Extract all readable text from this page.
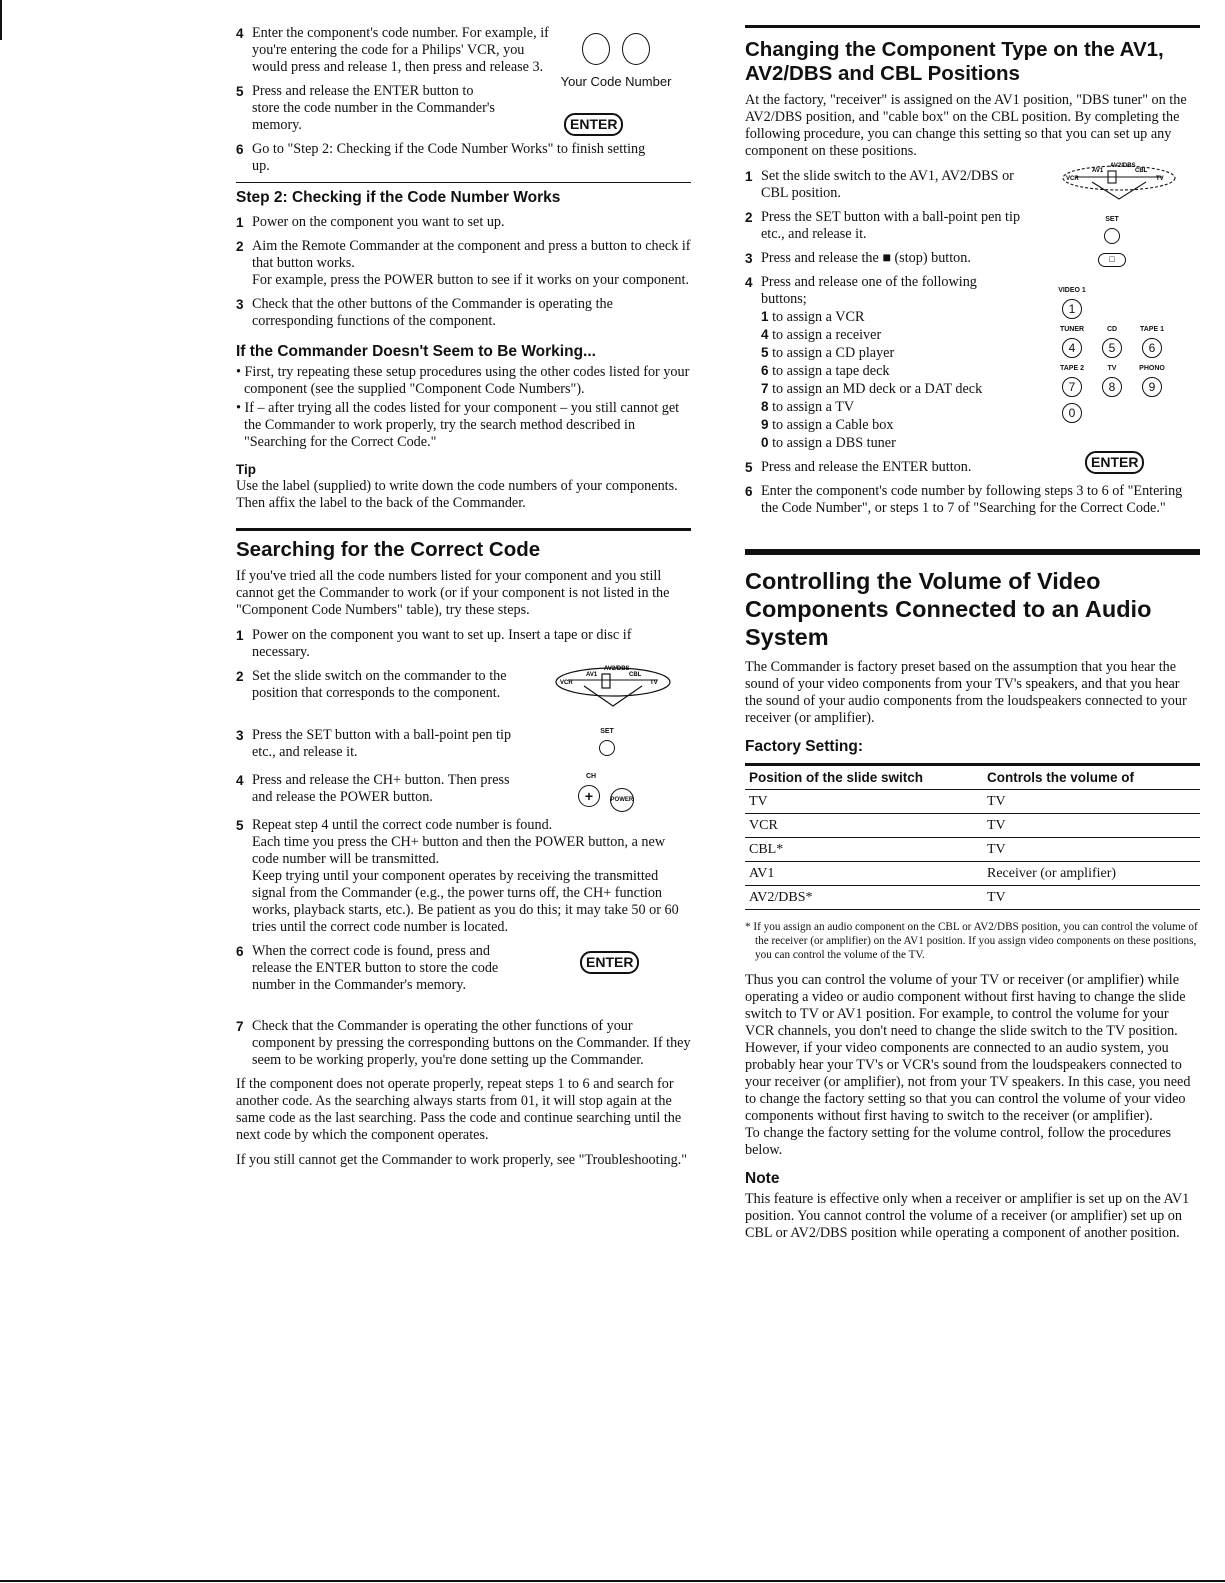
4 Enter the component's code number. For example, if you're entering the code for a Philips' VCR, you would press and release 1, then press and release 3.

Your Code Number
5 Press and release the ENTER button to store the code number in the Commander's memory.	ENTER
6 Go to "Step 2: Checking if the Code Number Works" to finish setting up.
Step 2: Checking if the Code Number Works
1 Power on the component you want to set up.
2 Aim the Remote Commander at the component and press a button to check if that button works.
For example, press the POWER button to see if it works on your component.
3 Check that the other buttons of the Commander is operating the corresponding functions of the component.
If the Commander Doesn't Seem to Be Working...
• First, try repeating these setup procedures using the other codes listed for your component (see the supplied "Component Code Numbers").
• If – after trying all the codes listed for your component – you still cannot get the Commander to work properly, try the search method described in "Searching for the Correct Code."
Tip
Use the label (supplied) to write down the code numbers of your components. Then affix the label to the back of the Commander.
Searching for the Correct Code
If you've tried all the code numbers listed for your component and you still cannot get the Commander to work (or if your component is not listed in the "Component Code Numbers" table), try these steps.
1 Power on the component you want to set up. Insert a tape or disc if necessary.
2 Set the slide switch on the commander to the position that corresponds to the component.
VCR
AV1
AV2/DBS
CBL
TV
3 Press the SET button with a ball-point pen tip etc., and release it.
SET
4 Press and release the CH+ button. Then press and release the POWER button.
CH
+	POWER
5 Repeat step 4 until the correct code number is found.
Each time you press the CH+ button and then the POWER button, a new code number will be transmitted.
Keep trying until your component operates by receiving the transmitted signal from the Commander (e.g., the power turns off, the CH+ function works, playback starts, etc.). Be patient as you do this; it may take 50 or 60 tries until the correct code number is located.
6 When the correct code is found, press and release the ENTER button to store the code number in the Commander's memory.
ENTER
7 Check that the Commander is operating the other functions of your component by pressing the corresponding buttons on the Commander. If they seem to be working properly, you're done setting up the Commander.
If the component does not operate properly, repeat steps 1 to 6 and search for another code. As the searching always starts from 01, it will stop again at the same code as the last searching. Pass the code and continue searching until the next code by which the component operates.
If you still cannot get the Commander to work properly, see "Troubleshooting."
Changing the Component Type on the AV1, AV2/DBS and CBL Positions
At the factory, "receiver" is assigned on the AV1 position, "DBS tuner" on the AV2/DBS position, and "cable box" on the CBL position. By completing the following procedure, you can change this setting so that you can set up any component on these positions.
1 Set the slide switch to the AV1, AV2/DBS or CBL position.
VCR
AV1
AV2/DBS
CBL
TV
2 Press the SET button with a ball-point pen tip etc., and release it.
SET
3 Press and release the ■ (stop) button.	□
4 Press and release one of the following buttons;
1 to assign a VCR
4 to assign a receiver
5 to assign a CD player
6 to assign a tape deck
7 to assign an MD deck or a DAT deck
8 to assign a TV
9 to assign a Cable box
0 to assign a DBS tuner
VIDEO 1
1
TUNER
4
CD
5
TAPE 1
6
TAPE 2
7
TV
8
PHONO
9
0
5 Press and release the ENTER button.	ENTER
6 Enter the component's code number by following steps 3 to 6 of "Entering the Code Number", or steps 1 to 7 of "Searching for the Correct Code."
Controlling the Volume of Video Components Connected to an Audio System
The Commander is factory preset based on the assumption that you hear the sound of your video components from your TV's speakers, and that you hear the sound of your audio components from the loudspeakers connected to your receiver (or amplifier).
Factory Setting:
Position of the slide switch	Controls the volume of
TV	TV
VCR	TV
CBL*	TV
AV1	Receiver (or amplifier)
AV2/DBS*	TV
* If you assign an audio component on the CBL or AV2/DBS position, you can control the volume of the receiver (or amplifier) on the AV1 position. If you assign video components on these positions, you can control the volume of the TV.
Thus you can control the volume of your TV or receiver (or amplifier) while operating a video or audio component without first having to change the slide switch to TV or AV1 position. For example, to control the volume for your VCR channels, you don't need to change the slide switch to the TV position.
However, if your video components are connected to an audio system, you probably hear your TV's or VCR's sound from the loudspeakers connected to your receiver (or amplifier), not from your TV speakers. In this case, you need to change the factory setting so that you can control the volume of your video components without first having to switch to the receiver (or amplifier).
To change the factory setting for the volume control, follow the procedures below.
Note
This feature is effective only when a receiver or amplifier is set up on the AV1 position. You cannot control the volume of a receiver (or amplifier) set up on CBL or AV2/DBS position while operating a component of another position.
